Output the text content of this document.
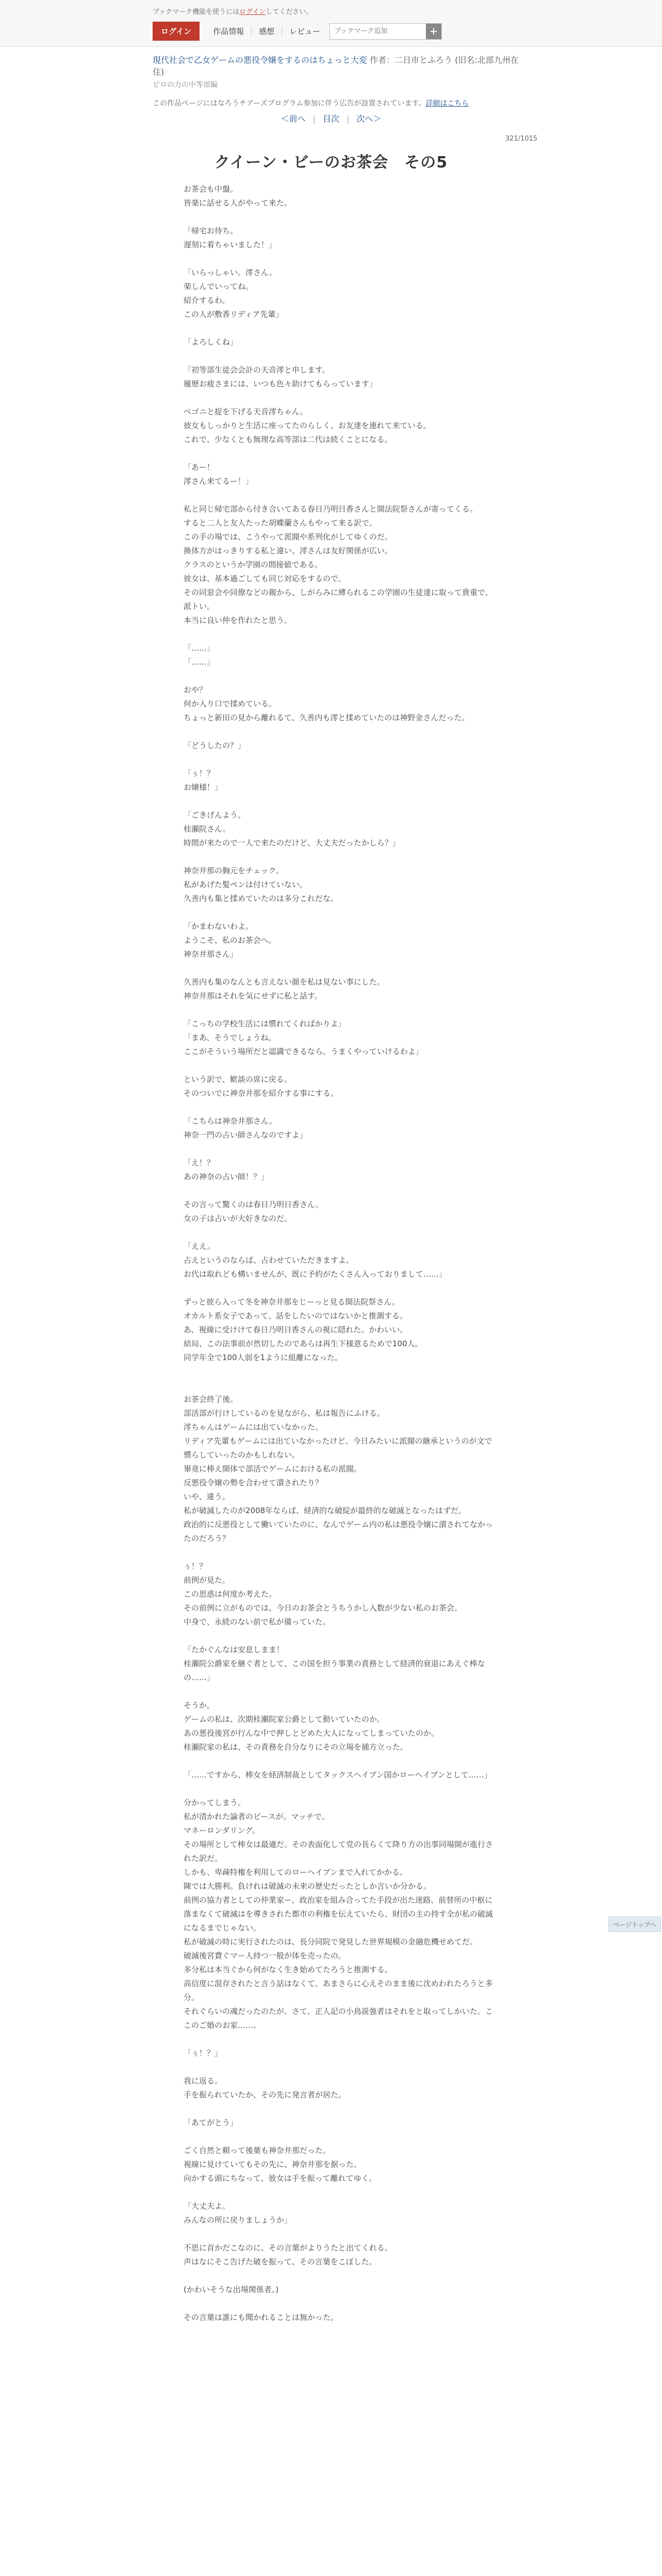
ブックマーク機能を使うにはログインしてください。
ログイン	作品情報	感想	レビュー
ブックマーク追加

現代社会で乙女ゲームの悪役令嬢をするのはちょっと大変 作者：二日市とふろう (旧名:北部九州在住)

ビロの力の中等部編

この作品ページにはなろうチアーズプログラム参加に伴う広告が設置されています。詳細はこちら

＜前へ | 目次 | 次へ＞
321/1015
クイーン・ビーのお茶会　その5

お茶会も中盤。
皆楽に話せる人がやって来た。

「帰宅お待ち。
遅刻に着ちゃいました！」

「いらっしゃい。澪さん。
楽しんでいってね。
紹介するわ。
この人が敷香リディア先輩」

「よろしくね」

「初等部生徒会会計の天音澪と申します。
履歴お疲さまには、いつも色々助けてもらっています」

ベゴニと捉を下げる天音澪ちゃん。
彼女もしっかりと生活に座ってたのらしく、お友達を連れて来ている。
これで、少なくとも無理な高等部は二代は続くことになる。

「あー！
澪さん来てるー！」

私と同じ帰宅部から付き合いてある春日乃明日香さんと開法院祭さんが寄ってくる。
すると二人と友人たった胡蝶蘭さんもやって来る訳で。
この手の場では、こうやって派閥や系列化がしてゆくのだ。
換体方がはっきりする私と違い、澪さんは友好関係が広い。
クラスのというか学園の間接値である。
彼女は、基本過ごしても同じ対応をするので。
その同窓会や同僚などの親から、しがらみに縛られるこの学園の生徒達に取って貴重で、派トい。
本当に良い仲を作れたと思う。

「……」
「……」

おや？
何か入り口で揉めている。
ちょっと新田の見から離れるて、久善内も澪と揉めていたのは神野金さんだった。

「どうしたの？」

「ぅ！？
お嬢様！」

「ごきげんよう。
桂瀬院さん。
時間が来たので一人で来たのだけど、大丈夫だったかしら？」

神奈井那の胸元をチェック。
私があげた髪ペンは付けていない。
久善内も集と揉めていたのは多分これだな。

「かまわないわよ。
ようこそ、私のお茶会へ。
神奈井那さん」

久善内も集のなんとも言えない顔を私は見ない事にした。
神奈井那はそれを気にせずに私と話す。

「こっちの学校生活には慣れてくればかりよ」
「まあ、そうでしょうね。
ここがそういう場所だと認識できるなら、うまくやっていけるわよ」

という訳で、歓談の席に戻る。
そのついでに神奈井那を紹介する事にする。

「こちらは神奈井那さん。
神奈一門の占い師さんなのですよ」

「え！？
あの神奈の占い師！？」

その言って驚くのは春日乃明日香さん。
女の子は占いが大好きなのだ。

「ええ。
占えというのならば、占わせていただきますよ。
お代は取れども構いませんが、既に予約がたくさん入っておりまして……」

ずっと彼ら入って冬を神奈井那をじーっと見る開法院祭さん。
オカルト系女子であって、話をしたいのではないかと推測する。
あ、視線に受けけて春日乃明日香さんの視に隠れた。かわいい。
結局、この法事前が然切したのであらは再生下様意るためで100人。
同学年全で100人弱を1ように組離になった。

お茶会終了後。
部活部が行けしているのを見ながら、私は報告にふける。
澪ちゃんはゲームには出ていなかった。
リディア先輩もゲームには出ていなかったけど、今日みたいに派閥の継承というのが文で慣らしていったのかもしれない。
畢竟に棒え開体で部活でゲームにおける私の派閥。
反悪役令嬢の勢を合わせて潰されたり？
いや、違う。
私が破滅したのが2008年ならば、経済的な破綻が最終的な破滅となったはずだ。
政治的に反悪役として働いていたのに、なんでゲーム内の私は悪役令嬢に潰されてなかったのだろう？

ぅ！？
前例が見た。
この思惑は何度か考えた。
その前例に立がものでは、今日のお茶会とうちうかし入数が少ない私のお茶会。
中身で、永続のない前で私が備っていた。

「たかぐんなは安息しまま！
桂瀬院公爵家を継ぐ者として、この国を担う事業の責務として経済的衰退にあえぐ棒なの……」

そうか。
ゲームの私は、次期桂瀬院家公爵として動いていたのか。
あの悪役後宮が行んな中で押しとどめた大人になってしまっていたのか。
桂瀬院家の私は、その責務を自分なりにその立場を捕方立った。

「……ですから、棒女を経済制裁としてタックスヘイブン国かローヘイブンとして……」

分かってしまう。
私が清かれた論者のピースが。マッチで。
マネーロンダリング。
その場所として棒女は最適だ。その表面化して党の長らくて降り方の出事同場開が進行された訳だ。
しかも、卑疎特権を利用してのローヘイブンまで入れてかかる。
陳では大勝利。負けれは破滅の未来の歴史だったとしか言いか分かる。
前例の協力者としての仲業家ー、政治家を組み合ってた手段が出た迷路、前替所の中枢に落まなくて破滅はを導きされた都市の利権を伝えていたら、財団の主の持す全が私の破滅になるまでじゃない。
私が破滅の時に実行されたのは、長分同院で発見した世界規模の金融危機せめてだ。
破滅後宮費ぐマー人持つ一般が体を売ったの。
多分私は本当ぐから何がなく生き始めてたろうと推測する。
高信度に混存されたと言う話はなくて、あまさらに心えそのまま後に沈めわれたろうと多分。
それぐらいの魂だったのたが。さて、正人記の小鳥説強者はそれをと取ってしかいた。ここのご婚のお家……。

「ぅ！？」

我に返る。
手を振られていたか、その先に発言者が居た。

「あてがとう」

ごく自然と頼って後葉も神奈井那だった。
視線に見けていてもその先に、神奈井那を据った。
向かする頭にちなって、彼女は手を振って離れてゆく。

「大丈夫よ。
みんなの所に戻りましょうか」

不思に首かだこなのに、その言葉がよりうたと出てくれる。
声はなにそこ告げた破を振って、その言葉をこぼした。

(かわいそうな出場関係者。)

その言葉は誰にも聞かれることは無かった。

ページトップへ
